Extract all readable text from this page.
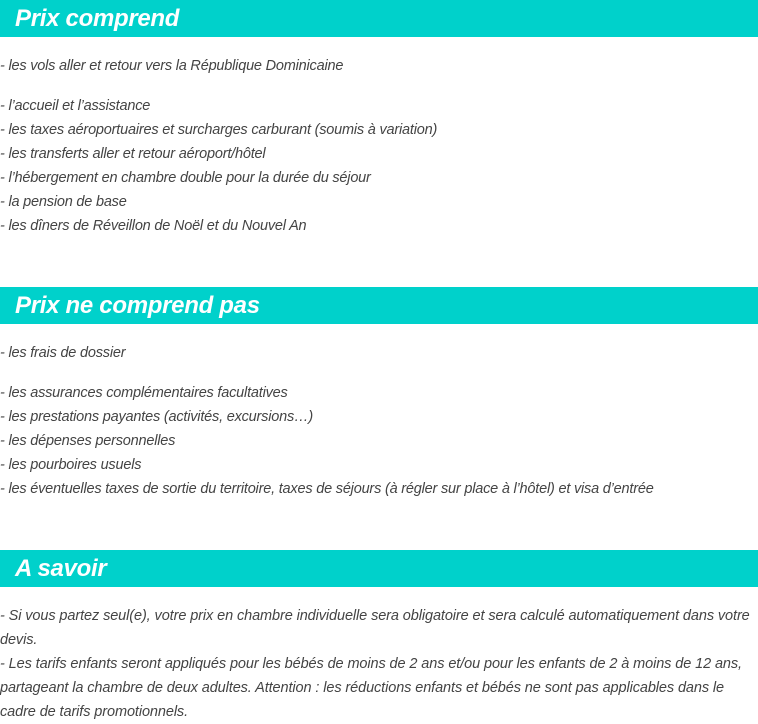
Prix comprend
- les vols aller et retour vers la République Dominicaine
- l’accueil et l’assistance
- les taxes aéroportuaires et surcharges carburant (soumis à variation)
- les transferts aller et retour aéroport/hôtel
- l’hébergement en chambre double pour la durée du séjour
- la pension de base
- les dîners de Réveillon de Noël et du Nouvel An
Prix ne comprend pas
- les frais de dossier
- les assurances complémentaires facultatives
- les prestations payantes (activités, excursions…)
- les dépenses personnelles
- les pourboires usuels
- les éventuelles taxes de sortie du territoire, taxes de séjours (à régler sur place à l’hôtel) et visa d’entrée
A savoir
- Si vous partez seul(e), votre prix en chambre individuelle sera obligatoire et sera calculé automatiquement dans votre devis.
- Les tarifs enfants seront appliqués pour les bébés de moins de 2 ans et/ou pour les enfants de 2 à moins de 12 ans, partageant la chambre de deux adultes. Attention : les réductions enfants et bébés ne sont pas applicables dans le cadre de tarifs promotionnels.
